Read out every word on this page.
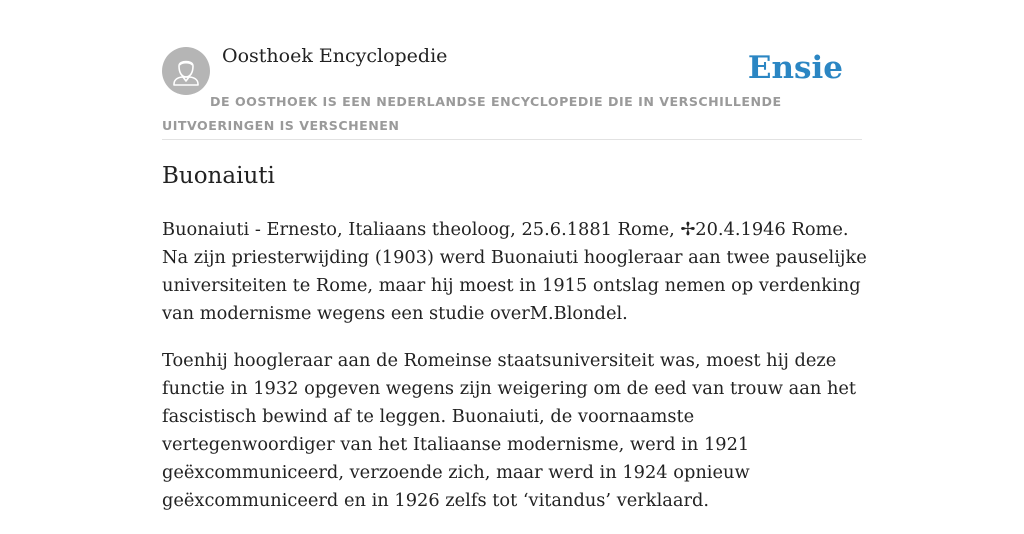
Oosthoek Encyclopedie	Ensie
DE OOSTHOEK IS EEN NEDERLANDSE ENCYCLOPEDIE DIE IN VERSCHILLENDE UITVOERINGEN IS VERSCHENEN
Buonaiuti

Buonaiuti - Ernesto, Italiaans theoloog, 25.6.1881 Rome, ✢20.4.1946 Rome. Na zijn priesterwijding (1903) werd Buonaiuti hoogleraar aan twee pauselijke universiteiten te Rome, maar hij moest in 1915 ontslag nemen op verdenking van modernisme wegens een studie overM.Blondel.

Toenhij hoogleraar aan de Romeinse staatsuniversiteit was, moest hij deze functie in 1932 opgeven wegens zijn weigering om de eed van trouw aan het fascistisch bewind af te leggen. Buonaiuti, de voornaamste vertegenwoordiger van het Italiaanse modernisme, werd in 1921 geëxcommuniceerd, verzoende zich, maar werd in 1924 opnieuw geëxcommuniceerd en in 1926 zelfs tot ‘vitandus’ verklaard.
